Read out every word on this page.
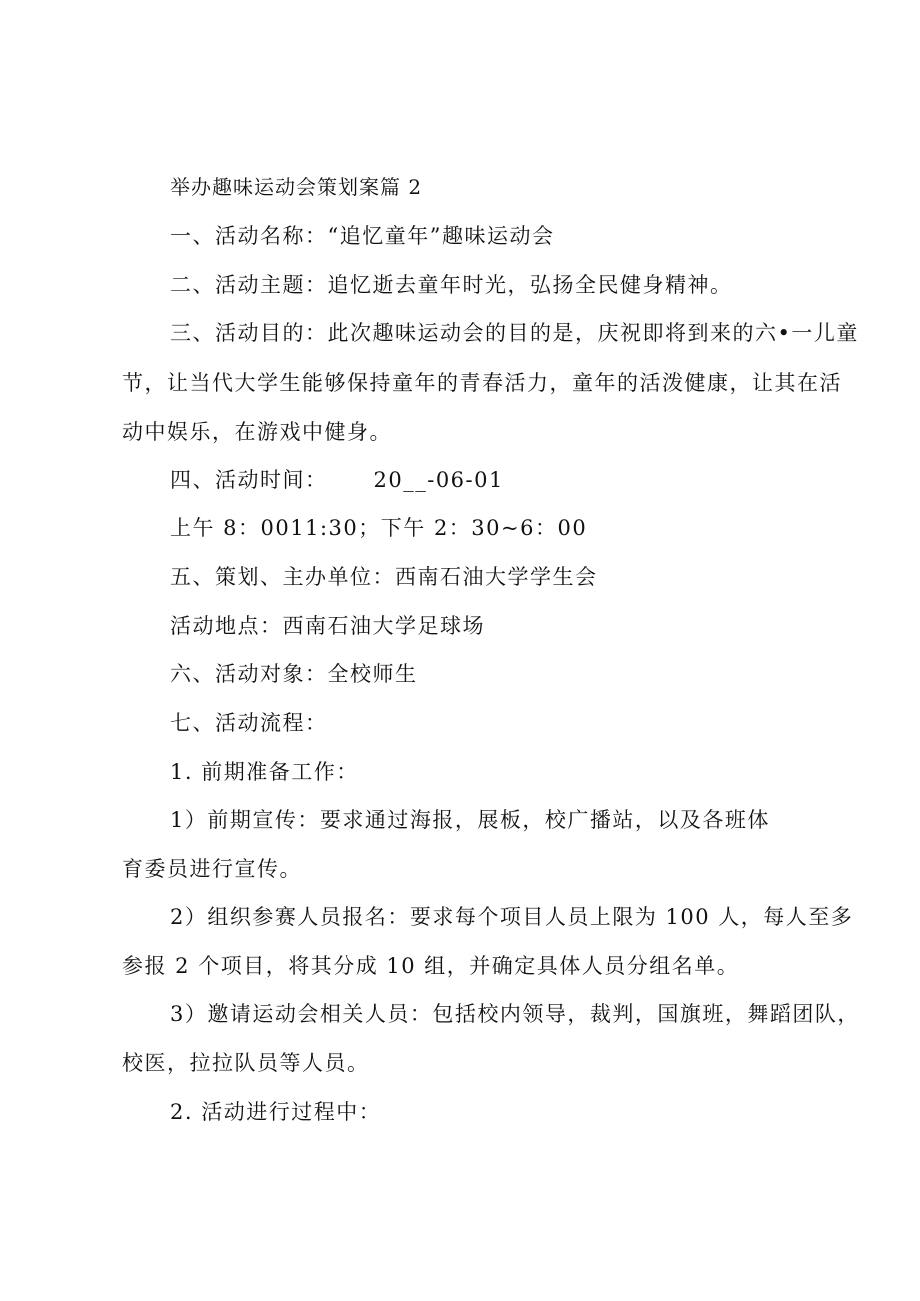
举办趣味运动会策划案篇 2
一、活动名称：“追忆童年”趣味运动会
二、活动主题：追忆逝去童年时光，弘扬全民健身精神。
三、活动目的：此次趣味运动会的目的是，庆祝即将到来的六•一儿童
节，让当代大学生能够保持童年的青春活力，童年的活泼健康，让其在活
动中娱乐，在游戏中健身。
四、活动时间： 20__-06-01
上午 8：0011:30；下午 2：30~6：00
五、策划、主办单位：西南石油大学学生会
活动地点：西南石油大学足球场
六、活动对象：全校师生
七、活动流程：
1. 前期准备工作：
1）前期宣传：要求通过海报，展板，校广播站，以及各班体
育委员进行宣传。
2）组织参赛人员报名：要求每个项目人员上限为 100 人，每人至多
参报 2 个项目，将其分成 10 组，并确定具体人员分组名单。
3）邀请运动会相关人员：包括校内领导，裁判，国旗班，舞蹈团队，
校医，拉拉队员等人员。
2. 活动进行过程中：
